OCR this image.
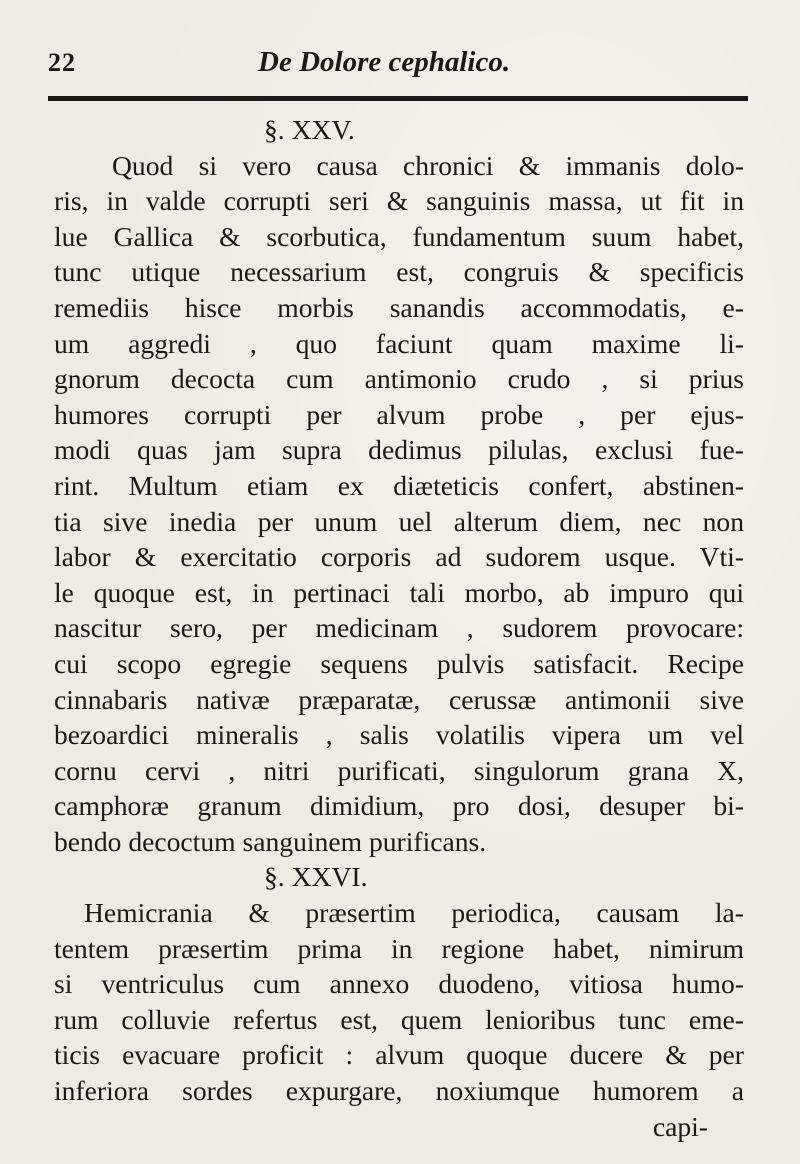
22	De Dolore cephalico.
§. XXV.
Quod si vero causa chronici & immanis dolo-
ris, in valde corrupti seri & sanguinis massa, ut fit in
lue Gallica & scorbutica, fundamentum suum habet,
tunc utique necessarium est, congruis & specificis
remediis hisce morbis sanandis accommodatis, e-
um aggredi , quo faciunt quam maxime li-
gnorum decocta cum antimonio crudo , si prius
humores corrupti per alvum probe , per ejus-
modi quas jam supra dedimus pilulas, exclusi fue-
rint. Multum etiam ex diæteticis confert, abstinen-
tia sive inedia per unum uel alterum diem, nec non
labor & exercitatio corporis ad sudorem usque. Vti-
le quoque est, in pertinaci tali morbo, ab impuro qui
nascitur sero, per medicinam , sudorem provocare:
cui scopo egregie sequens pulvis satisfacit. Recipe
cinnabaris nativæ præparatæ, cerussæ antimonii sive
bezoardici mineralis , salis volatilis vipera um vel
cornu cervi , nitri purificati, singulorum grana X,
camphoræ granum dimidium, pro dosi, desuper bi-
bendo decoctum sanguinem purificans.
§. XXVI.
Hemicrania & præsertim periodica, causam la-
tentem præsertim prima in regione habet, nimirum
si ventriculus cum annexo duodeno, vitiosa humo-
rum colluvie refertus est, quem lenioribus tunc eme-
ticis evacuare proficit : alvum quoque ducere & per
inferiora sordes expurgare, noxiumque humorem a
capi-
